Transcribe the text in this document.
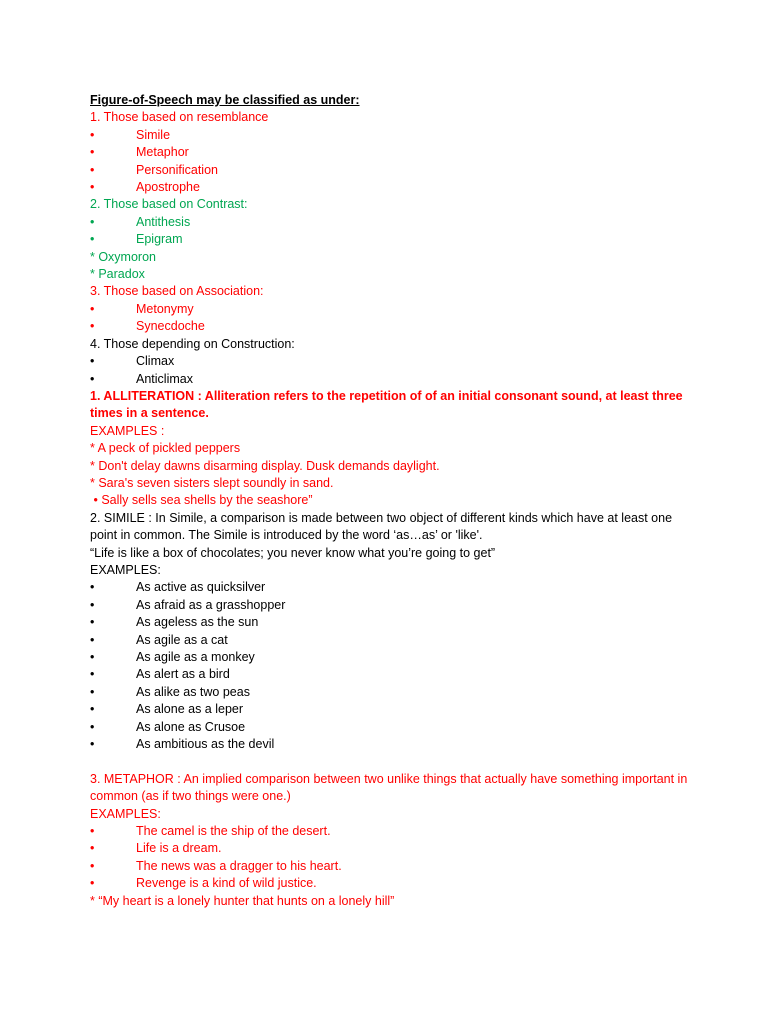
Figure-of-Speech may be classified as under:
1. Those based on resemblance
•	Simile
•	Metaphor
•	Personification
•	Apostrophe
2. Those based on Contrast:
•	Antithesis
•	Epigram
* Oxymoron
* Paradox
3. Those based on Association:
•	Metonymy
•	Synecdoche
4. Those depending on Construction:
•	Climax
•	Anticlimax
1. ALLITERATION : Alliteration refers to the repetition of of an initial consonant sound, at least three times in a sentence.
EXAMPLES :
* A peck of pickled peppers
* Don't delay dawns disarming display. Dusk demands daylight.
* Sara's seven sisters slept soundly in sand.
• Sally sells sea shells by the seashore”
2. SIMILE : In Simile, a comparison is made between two object of different kinds which have at least one point in common. The Simile is introduced by the word ‘as…as’ or 'like'.
“Life is like a box of chocolates; you never know what you’re going to get”
EXAMPLES:
•	As active as quicksilver
•	As afraid as a grasshopper
•	As ageless as the sun
•	As agile as a cat
•	As agile as a monkey
•	As alert as a bird
•	As alike as two peas
•	As alone as a leper
•	As alone as Crusoe
•	As ambitious as the devil
3. METAPHOR : An implied comparison between two unlike things that actually have something important in common (as if two things were one.)
EXAMPLES:
•	The camel is the ship of the desert.
•	Life is a dream.
•	The news was a dragger to his heart.
•	Revenge is a kind of wild justice.
* “My heart is a lonely hunter that hunts on a lonely hill”
